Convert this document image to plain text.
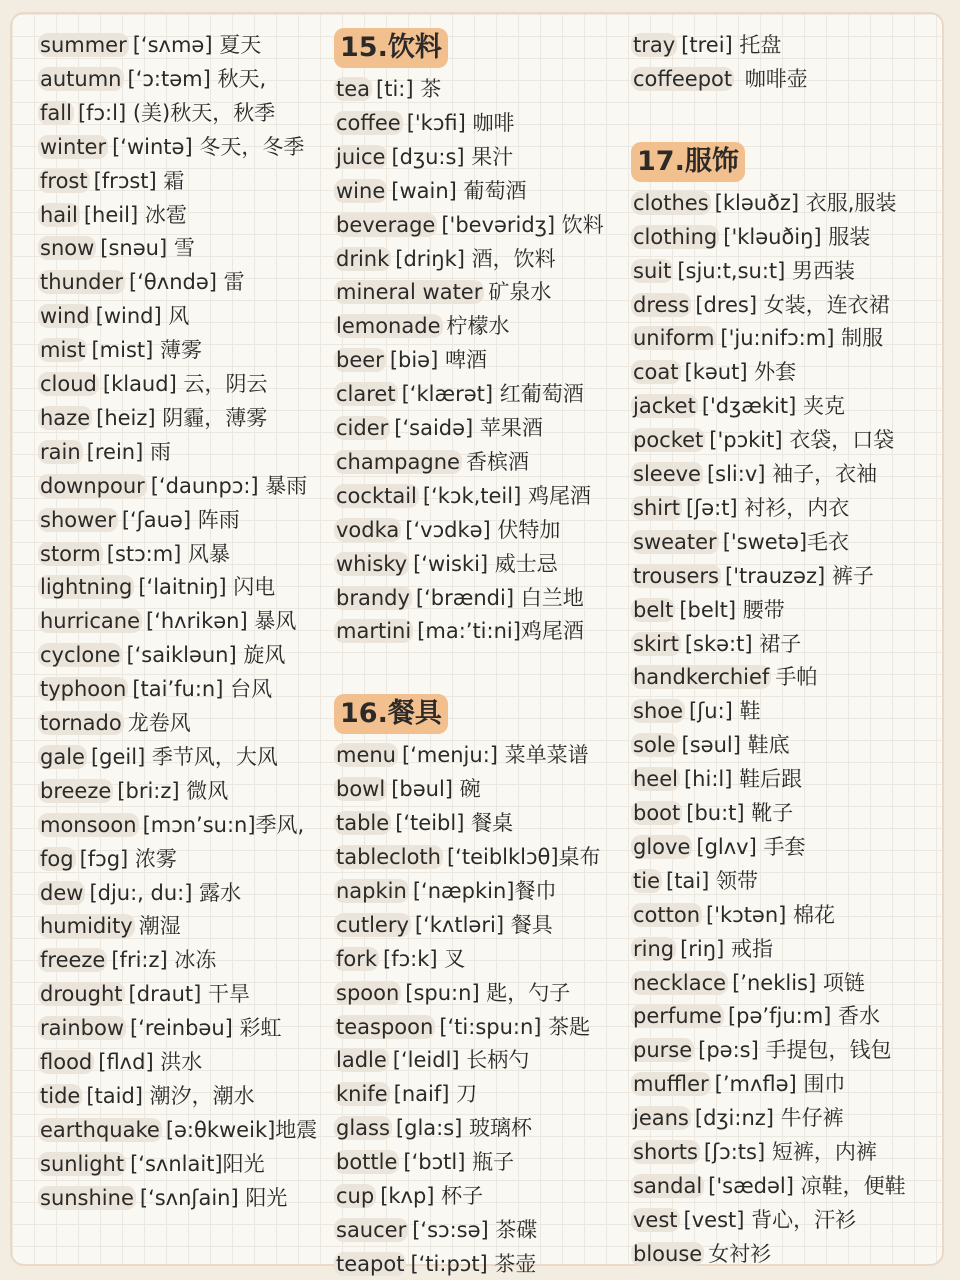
summer [‘sʌmə] 夏天
autumn [‘ɔ:təm] 秋天,
fall [fɔ:l] (美)秋天，秋季
winter [‘wintə] 冬天，冬季
frost [frɔst] 霜
hail [heil] 冰雹
snow [snəu] 雪
thunder [‘θʌndə] 雷
wind [wind] 风
mist [mist] 薄雾
cloud [klaud] 云，阴云
haze [heiz] 阴霾，薄雾
rain [rein] 雨
downpour [‘daunpɔ:] 暴雨
shower [‘ʃauə] 阵雨
storm [stɔ:m] 风暴
lightning [‘laitniŋ] 闪电
hurricane [‘hʌrikən] 暴风
cyclone [‘saikləun] 旋风
typhoon [tai’fu:n] 台风
tornado 龙卷风
gale [geil] 季节风，大风
breeze [bri:z] 微风
monsoon [mɔn’su:n]季风,
fog [fɔg] 浓雾
dew [dju:, du:] 露水
humidity 潮湿
freeze [fri:z] 冰冻
drought [draut] 干旱
rainbow [‘reinbəu] 彩虹
flood [flʌd] 洪水
tide [taid] 潮汐，潮水
earthquake [ə:θkweik]地震
sunlight [‘sʌnlait]阳光
sunshine [‘sʌnʃain] 阳光
15.饮料
tea [ti:] 茶
coffee ['kɔfi] 咖啡
juice [dʒu:s] 果汁
wine [wain] 葡萄酒
beverage ['bevəridʒ] 饮料
drink [driŋk] 酒，饮料
mineral water 矿泉水
lemonade 柠檬水
beer [biə] 啤酒
claret [‘klærət] 红葡萄酒
cider [‘saidə] 苹果酒
champagne 香槟酒
cocktail [‘kɔk,teil] 鸡尾酒
vodka [‘vɔdkə] 伏特加
whisky [‘wiski] 威士忌
brandy [‘brændi] 白兰地
martini [ma:’ti:ni]鸡尾酒
16.餐具
menu [‘menju:] 菜单菜谱
bowl [bəul] 碗
table [‘teibl] 餐桌
tablecloth [‘teiblklɔθ]桌布
napkin [‘næpkin]餐巾
cutlery [‘kʌtləri] 餐具
fork [fɔ:k] 叉
spoon [spu:n] 匙，勺子
teaspoon [‘ti:spu:n] 茶匙
ladle [‘leidl] 长柄勺
knife [naif] 刀
glass [gla:s] 玻璃杯
bottle [‘bɔtl] 瓶子
cup [kʌp] 杯子
saucer [‘sɔ:sə] 茶碟
teapot [‘ti:pɔt] 茶壶
tray [trei] 托盘
coffeepot 咖啡壶
17.服饰
clothes [kləuðz] 衣服,服装
clothing ['kləuðiŋ] 服装
suit [sju:t,su:t] 男西装
dress [dres] 女装，连衣裙
uniform ['ju:nifɔ:m] 制服
coat [kəut] 外套
jacket ['dʒækit] 夹克
pocket ['pɔkit] 衣袋，口袋
sleeve [sli:v] 袖子，衣袖
shirt [ʃə:t] 衬衫，内衣
sweater ['swetə]毛衣
trousers ['trauzəz] 裤子
belt [belt] 腰带
skirt [skə:t] 裙子
handkerchief 手帕
shoe [ʃu:] 鞋
sole [səul] 鞋底
heel [hi:l] 鞋后跟
boot [bu:t] 靴子
glove [glʌv] 手套
tie [tai] 领带
cotton ['kɔtən] 棉花
ring [riŋ] 戒指
necklace [’neklis] 项链
perfume [pə’fju:m] 香水
purse [pə:s] 手提包，钱包
muffler [’mʌflə] 围巾
jeans [dʒi:nz] 牛仔裤
shorts [ʃɔ:ts] 短裤，内裤
sandal ['sædəl] 凉鞋，便鞋
vest [vest] 背心，汗衫
blouse 女衬衫
